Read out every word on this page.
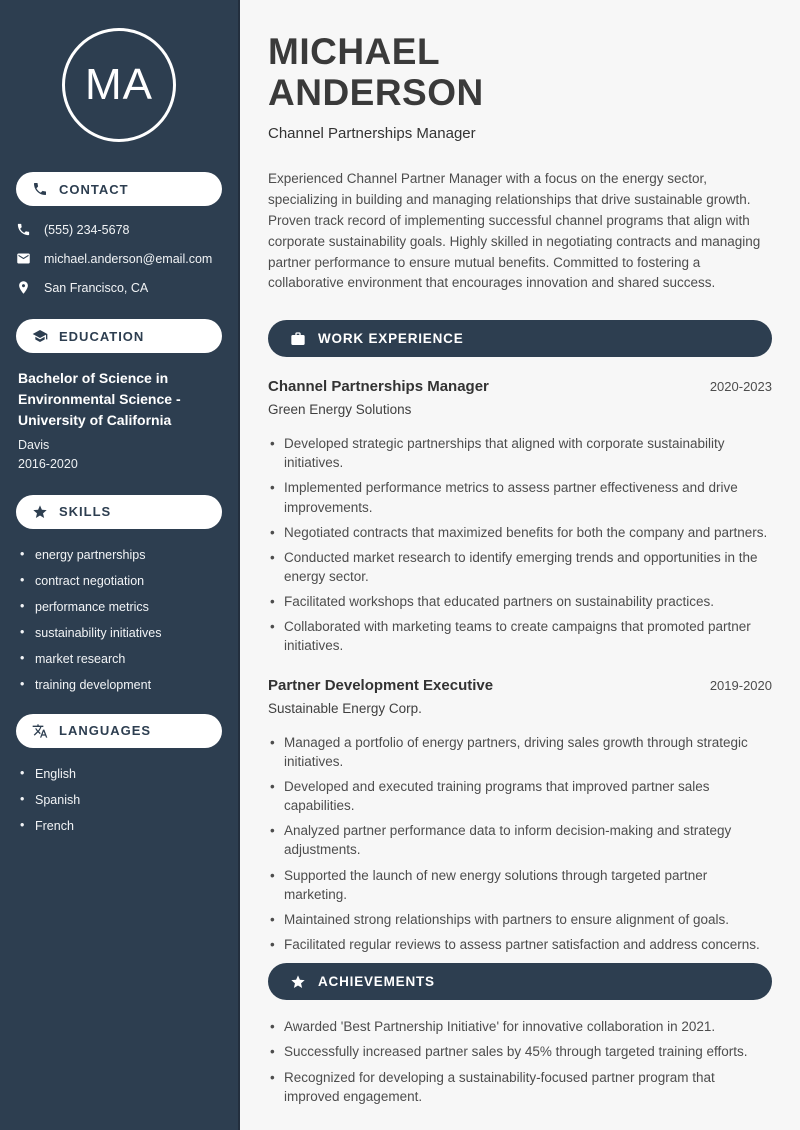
MA
CONTACT
(555) 234-5678
michael.anderson@email.com
San Francisco, CA
EDUCATION
Bachelor of Science in Environmental Science - University of California
Davis
2016-2020
SKILLS
• energy partnerships
• contract negotiation
• performance metrics
• sustainability initiatives
• market research
• training development
LANGUAGES
• English
• Spanish
• French
MICHAEL
ANDERSON
Channel Partnerships Manager

Experienced Channel Partner Manager with a focus on the energy sector, specializing in building and managing relationships that drive sustainable growth. Proven track record of implementing successful channel programs that align with corporate sustainability goals. Highly skilled in negotiating contracts and managing partner performance to ensure mutual benefits. Committed to fostering a collaborative environment that encourages innovation and shared success.

WORK EXPERIENCE
Channel Partnerships Manager	2020-2023
Green Energy Solutions
• Developed strategic partnerships that aligned with corporate sustainability initiatives.
• Implemented performance metrics to assess partner effectiveness and drive improvements.
• Negotiated contracts that maximized benefits for both the company and partners.
• Conducted market research to identify emerging trends and opportunities in the energy sector.
• Facilitated workshops that educated partners on sustainability practices.
• Collaborated with marketing teams to create campaigns that promoted partner initiatives.
Partner Development Executive	2019-2020
Sustainable Energy Corp.
• Managed a portfolio of energy partners, driving sales growth through strategic initiatives.
• Developed and executed training programs that improved partner sales capabilities.
• Analyzed partner performance data to inform decision-making and strategy adjustments.
• Supported the launch of new energy solutions through targeted partner marketing.
• Maintained strong relationships with partners to ensure alignment of goals.
• Facilitated regular reviews to assess partner satisfaction and address concerns.
ACHIEVEMENTS
• Awarded 'Best Partnership Initiative' for innovative collaboration in 2021.
• Successfully increased partner sales by 45% through targeted training efforts.
• Recognized for developing a sustainability-focused partner program that improved engagement.
